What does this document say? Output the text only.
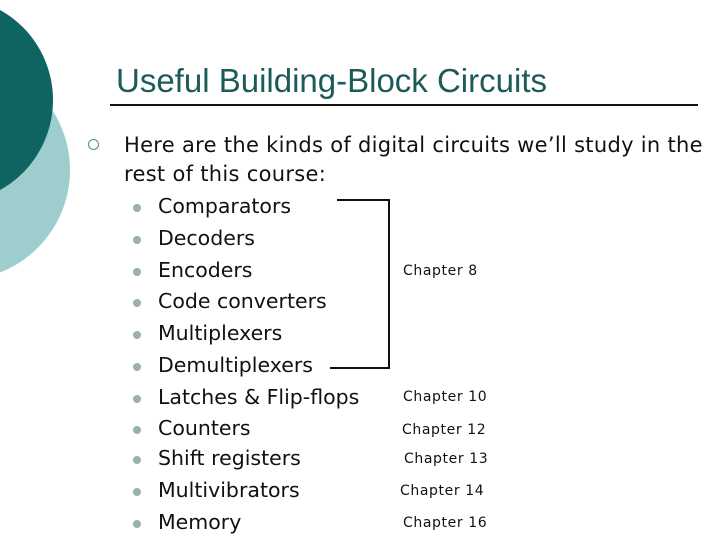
Useful Building-Block Circuits
Here are the kinds of digital circuits we’ll study in the rest of this course:
Comparators
Decoders
Encoders
Code converters
Multiplexers
Demultiplexers
Latches & Flip-flops
Counters
Shift registers
Multivibrators
Memory
Chapter 8
Chapter 10
Chapter 12
Chapter 13
Chapter 14
Chapter 16
